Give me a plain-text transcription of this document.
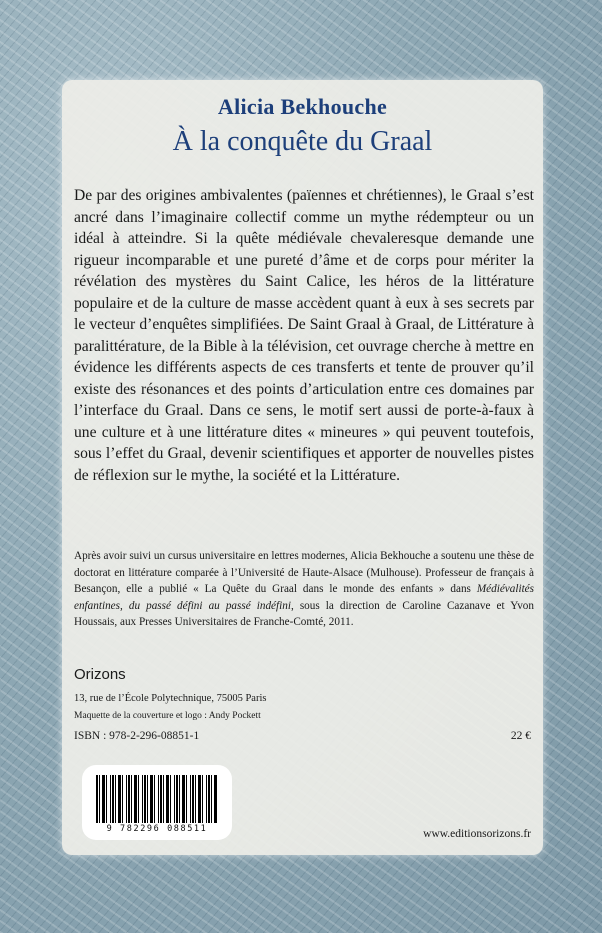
Alicia Bekhouche
À la conquête du Graal

De par des origines ambivalentes (païennes et chrétiennes), le Graal s’est ancré dans l’imaginaire collectif comme un mythe rédempteur ou un idéal à atteindre. Si la quête médiévale chevaleresque demande une rigueur incomparable et une pureté d’âme et de corps pour mériter la révélation des mystères du Saint Calice, les héros de la littérature populaire et de la culture de masse accèdent quant à eux à ses secrets par le vecteur d’enquêtes simplifiées. De Saint Graal à Graal, de Littérature à paralittérature, de la Bible à la télévision, cet ouvrage cherche à mettre en évidence les différents aspects de ces transferts et tente de prouver qu’il existe des résonances et des points d’articulation entre ces domaines par l’interface du Graal. Dans ce sens, le motif sert aussi de porte-à-faux à une culture et à une littérature dites « mineures » qui peuvent toutefois, sous l’effet du Graal, devenir scientifiques et apporter de nouvelles pistes de réflexion sur le mythe, la société et la Littérature.

Après avoir suivi un cursus universitaire en lettres modernes, Alicia Bekhouche a soutenu une thèse de doctorat en littérature comparée à l’Université de Haute-Alsace (Mulhouse). Professeur de français à Besançon, elle a publié « La Quête du Graal dans le monde des enfants » dans Médiévalités enfantines, du passé défini au passé indéfini, sous la direction de Caroline Cazanave et Yvon Houssais, aux Presses Universitaires de Franche-Comté, 2011.

Orizons
13, rue de l’École Polytechnique, 75005 Paris
Maquette de la couverture et logo : Andy Pockett
ISBN : 978-2-296-08851-1	22 €
9 782296 088511	www.editionsorizons.fr
